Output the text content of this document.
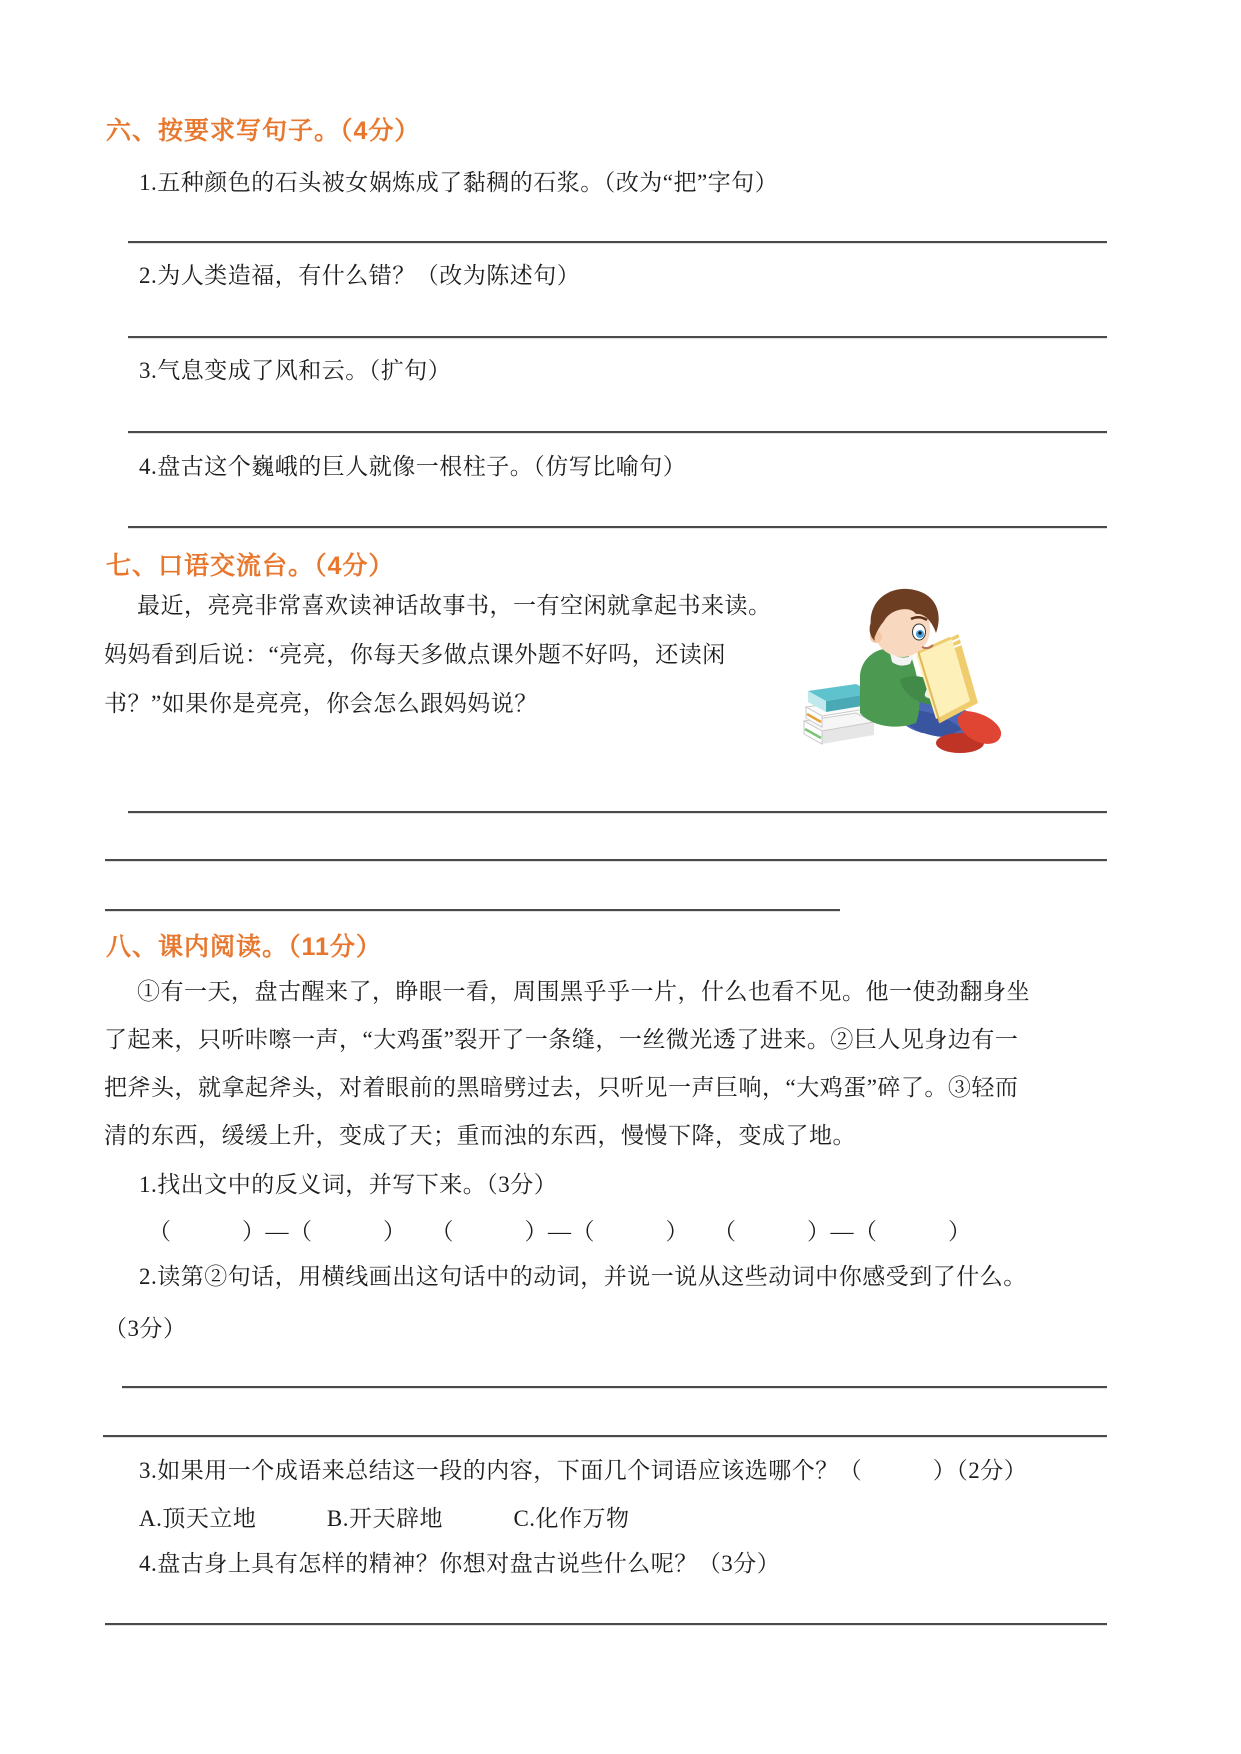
六、按要求写句子。（4分）
1.五种颜色的石头被女娲炼成了黏稠的石浆。（改为“把”字句）
2.为人类造福，有什么错？（改为陈述句）
3.气息变成了风和云。（扩句）
4.盘古这个巍峨的巨人就像一根柱子。（仿写比喻句）
七、口语交流台。（4分）
最近，亮亮非常喜欢读神话故事书，一有空闲就拿起书来读。
妈妈看到后说：“亮亮，你每天多做点课外题不好吗，还读闲
书？”如果你是亮亮，你会怎么跟妈妈说？
八、课内阅读。（11分）
①有一天，盘古醒来了，睁眼一看，周围黑乎乎一片，什么也看不见。他一使劲翻身坐
了起来，只听咔嚓一声，“大鸡蛋”裂开了一条缝，一丝微光透了进来。②巨人见身边有一
把斧头，就拿起斧头，对着眼前的黑暗劈过去，只听见一声巨响，“大鸡蛋”碎了。③轻而
清的东西，缓缓上升，变成了天；重而浊的东西，慢慢下降，变成了地。
1.找出文中的反义词，并写下来。（3分）
（　　　）—（　　　）　　（　　　）—（　　　）　　（　　　）—（　　　）
2.读第②句话，用横线画出这句话中的动词，并说一说从这些动词中你感受到了什么。
（3分）
3.如果用一个成语来总结这一段的内容，下面几个词语应该选哪个？（　　　）（2分）
A.顶天立地　　　B.开天辟地　　　C.化作万物
4.盘古身上具有怎样的精神？你想对盘古说些什么呢？（3分）
